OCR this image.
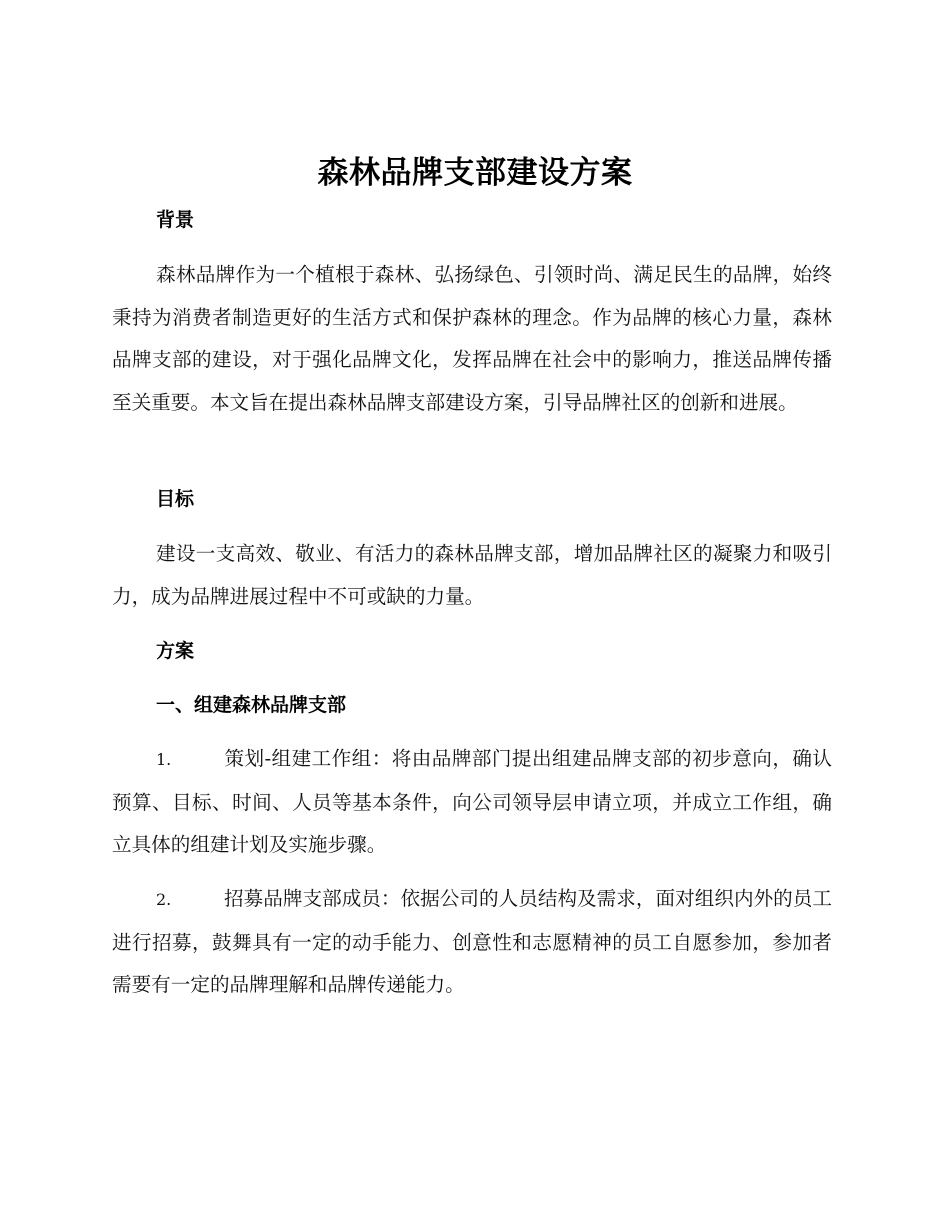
森林品牌支部建设方案
背景
森林品牌作为一个植根于森林、弘扬绿色、引领时尚、满足民生的品牌，始终秉持为消费者制造更好的生活方式和保护森林的理念。作为品牌的核心力量，森林品牌支部的建设，对于强化品牌文化，发挥品牌在社会中的影响力，推送品牌传播至关重要。本文旨在提出森林品牌支部建设方案，引导品牌社区的创新和进展。
目标
建设一支高效、敬业、有活力的森林品牌支部，增加品牌社区的凝聚力和吸引力，成为品牌进展过程中不可或缺的力量。
方案
一、组建森林品牌支部
1.	策划-组建工作组：将由品牌部门提出组建品牌支部的初步意向，确认预算、目标、时间、人员等基本条件，向公司领导层申请立项，并成立工作组，确立具体的组建计划及实施步骤。
2.	招募品牌支部成员：依据公司的人员结构及需求，面对组织内外的员工进行招募，鼓舞具有一定的动手能力、创意性和志愿精神的员工自愿参加，参加者需要有一定的品牌理解和品牌传递能力。
